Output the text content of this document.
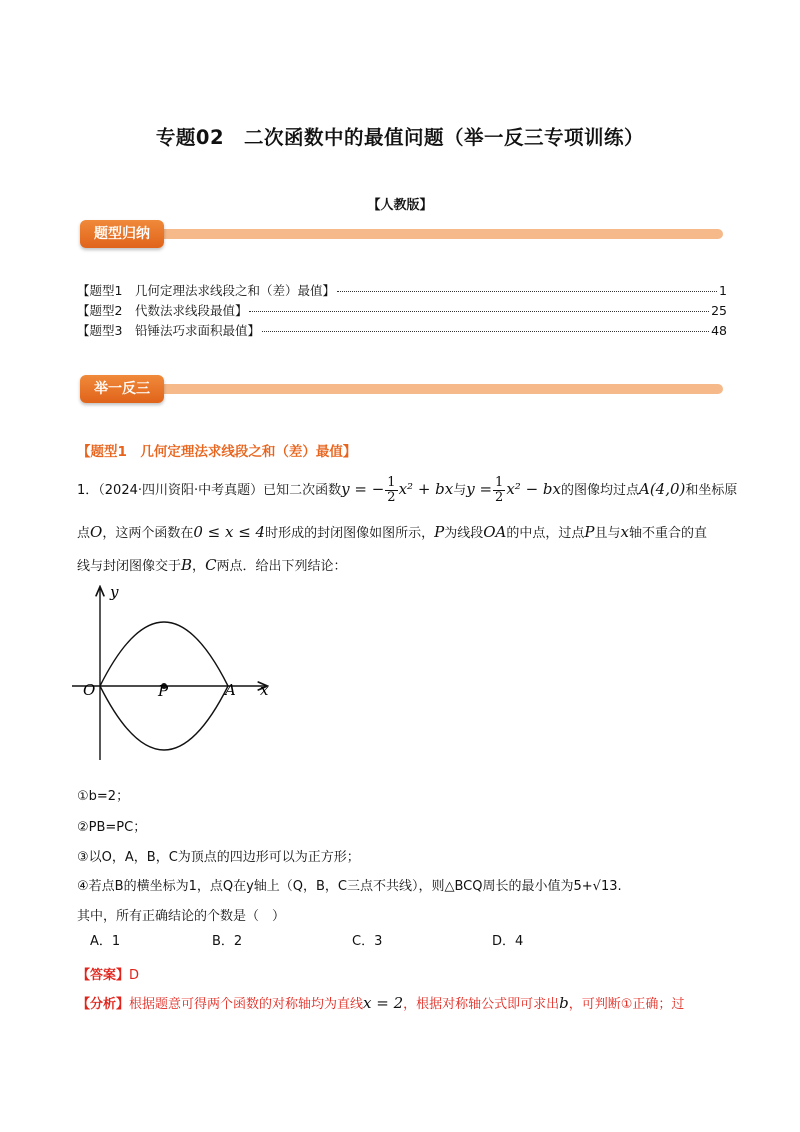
专题02　二次函数中的最值问题（举一反三专项训练）
【人教版】
题型归纳
【题型1　几何定理法求线段之和（差）最值】	1
【题型2　代数法求线段最值】	25
【题型3　铅锤法巧求面积最值】	48
举一反三
【题型1　几何定理法求线段之和（差）最值】
1．（2024·四川资阳·中考真题）已知二次函数y = − $\frac{1}{2} x^2$ + bx与$y = \frac{1}{2} x^2$ − bx的图像均过点A(4,0)和坐标原
点O，这两个函数在0 ≤ x ≤ 4时形成的封闭图像如图所示，P为线段OA的中点，过点P且与x轴不重合的直
线与封闭图像交于B，C两点．给出下列结论：
y
x
O	P	A
①b=2；
②PB=PC；
③以O，A，B，C为顶点的四边形可以为正方形；
④若点B的横坐标为1，点Q在y轴上（Q，B，C三点不共线），则△BCQ周长的最小值为5+√13.
其中，所有正确结论的个数是（　）
A．1	B．2	C．3	D．4
【答案】D
【分析】根据题意可得两个函数的对称轴均为直线x = 2，根据对称轴公式即可求出b，可判断①正确；过
